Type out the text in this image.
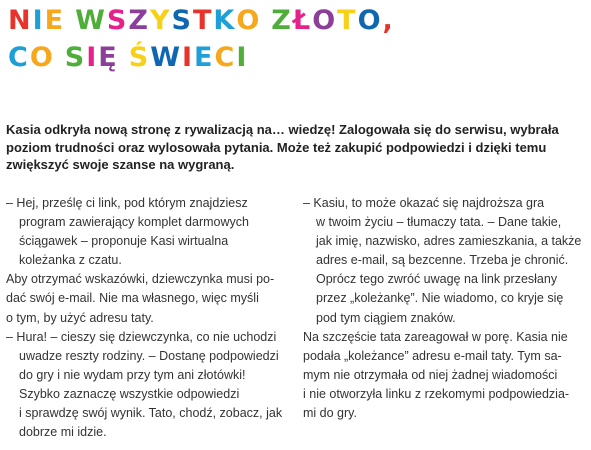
NIE WSZYSTKO ZŁOTO,
CO SIĘ ŚWIECI
Kasia odkryła nową stronę z rywalizacją na… wiedzę! Zalogowała się do serwisu, wybrała
poziom trudności oraz wylosowała pytania. Może też zakupić podpowiedzi i dzięki temu
zwiększyć swoje szanse na wygraną.
– Hej, prześlę ci link, pod którym znajdziesz
program zawierający komplet darmowych
ściągawek – proponuje Kasi wirtualna
koleżanka z czatu.
Aby otrzymać wskazówki, dziewczynka musi po-
dać swój e-mail. Nie ma własnego, więc myśli
o tym, by użyć adresu taty.
– Hura! – cieszy się dziewczynka, co nie uchodzi
uwadze reszty rodziny. – Dostanę podpowiedzi
do gry i nie wydam przy tym ani złotówki!
Szybko zaznaczę wszystkie odpowiedzi
i sprawdzę swój wynik. Tato, chodź, zobacz, jak
dobrze mi idzie.
– Kasiu, to może okazać się najdroższa gra
w twoim życiu – tłumaczy tata. – Dane takie,
jak imię, nazwisko, adres zamieszkania, a także
adres e-mail, są bezcenne. Trzeba je chronić.
Oprócz tego zwróć uwagę na link przesłany
przez „koleżankę”. Nie wiadomo, co kryje się
pod tym ciągiem znaków.
Na szczęście tata zareagował w porę. Kasia nie
podała „koleżance” adresu e-mail taty. Tym sa-
mym nie otrzymała od niej żadnej wiadomości
i nie otworzyła linku z rzekomymi podpowiedzia-
mi do gry.
